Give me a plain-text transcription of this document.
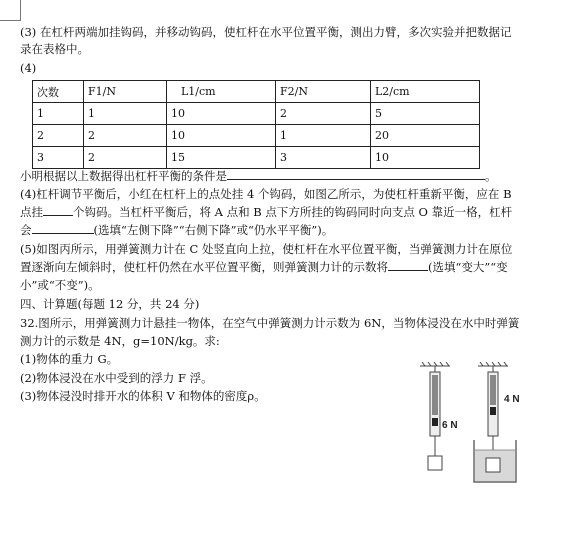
(3) 在杠杆两端加挂钩码，并移动钩码，使杠杆在水平位置平衡，测出力臂，多次实验并把数据记
录在表格中。
(4)
次数	F1/N	L1/cm	F2/N	L2/cm
1	1	10	2	5
2	2	10	1	20
3	2	15	3	10
小明根据以上数据得出杠杆平衡的条件是	。
(4)杠杆调节平衡后，小红在杠杆上的点处挂 4 个钩码，如图乙所示，为使杠杆重新平衡，应在 B
点挂	个钩码。当杠杆平衡后，将 A 点和 B 点下方所挂的钩码同时向支点 O 靠近一格，杠杆
会	(选填“左侧下降”“右侧下降”或“仍水平平衡”)。
(5)如图丙所示，用弹簧测力计在 C 处竖直向上拉，使杠杆在水平位置平衡，当弹簧测力计在原位
置逐渐向左倾斜时，使杠杆仍然在水平位置平衡，则弹簧测力计的示数将	(选填“变大”“变
小”或“不变”)。
四、计算题(每题 12 分，共 24 分)
32.图所示，用弹簧测力计悬挂一物体，在空气中弹簧测力计示数为 6N，当物体浸没在水中时弹簧
测力计的示数是 4N，g=10N/kg。求:
(1)物体的重力 G。
(2)物体浸没在水中受到的浮力 F 浮。
(3)物体浸没时排开水的体积 V 和物体的密度ρ。
6 N
4 N
